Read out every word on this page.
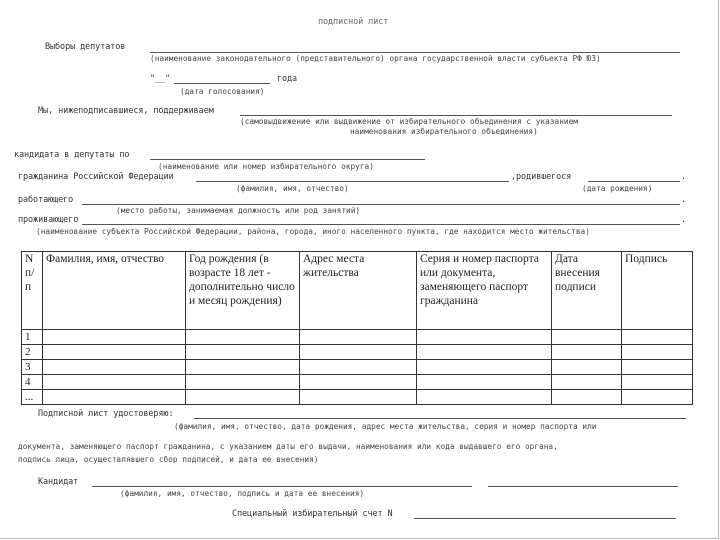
подписной лист
Выборы депутатов
(наименование законодательного (представительного) органа государственной власти субъекта РФ ЮЗ)
"__"	года
(дата голосования)
Мы, нижеподписавшиеся, поддерживаем
(самовыдвижение или выдвижение от избирательного объединения с указанием
наименования избирательного объединения)
кандидата в депутаты по
(наименование или номер избирательного округа)
гражданина Российской Федерации	,родившегося	.
(фамилия, имя, отчество)	(дата рождения)
работающего	.
(место работы, занимаемая должность или род занятий)
проживающего	.
(наименование субъекта Российской Федерации, района, города, иного населенного пункта, где находится место жительства)
N п/п	Фамилия, имя, отчество	Год рождения (в возрасте 18 лет - дополнительно число и месяц рождения)	Адрес места жительства	Серия и номер паспорта или документа, заменяющего паспорт гражданина	Дата внесения подписи	Подпись
1						
2						
3						
4						
...						
Подписной лист удостоверяю:
(фамилия, имя, отчество, дата рождения, адрес места жительства, серия и номер паспорта или
документа, заменяющего паспорт гражданина, с указанием даты его выдачи, наименования или кода выдавшего его органа,
подпись лица, осуществлявшего сбор подписей, и дата ее внесения)
Кандидат
(фамилия, имя, отчество, подпись и дата ее внесения)
Специальный избирательный счет N
